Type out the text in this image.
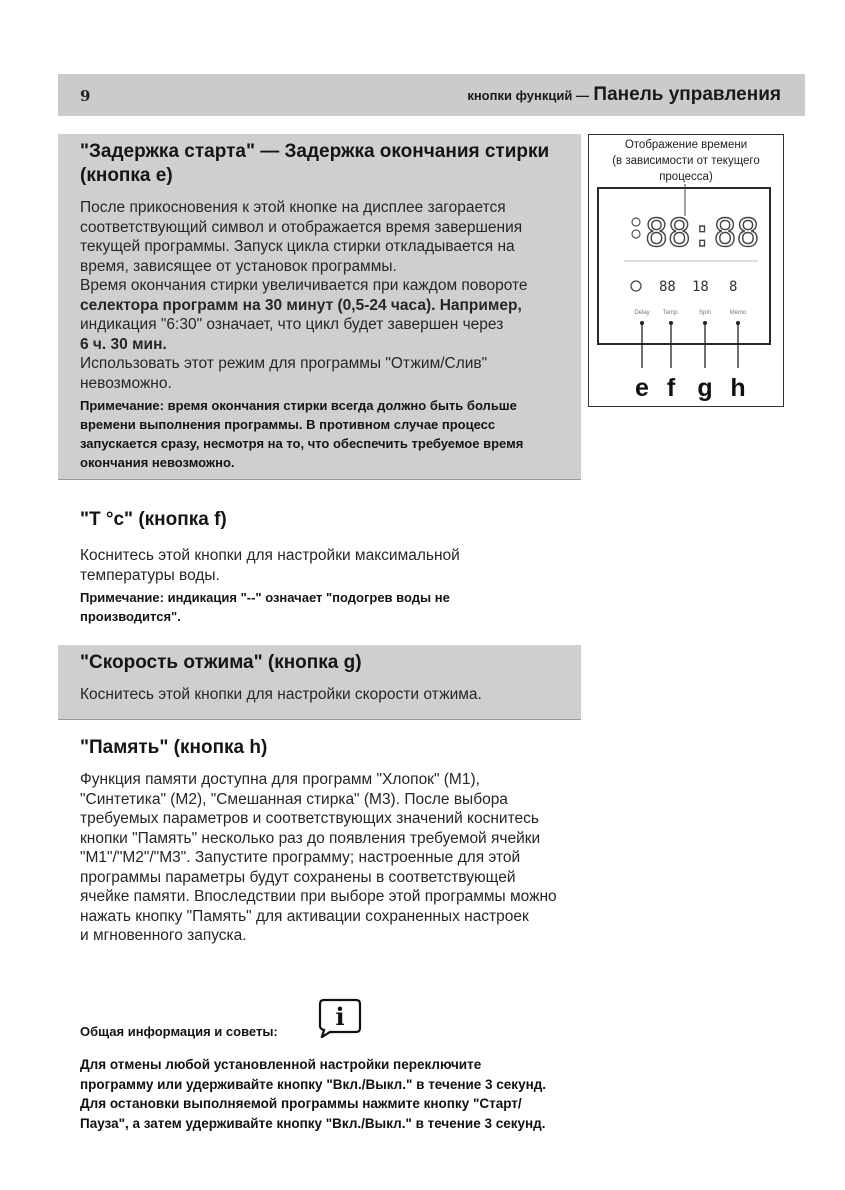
9	кнопки функций — Панель управления
"Задержка старта" — Задержка окончания стирки (кнопка e)
После прикосновения к этой кнопке на дисплее загорается
соответствующий символ и отображается время завершения
текущей программы. Запуск цикла стирки откладывается на
время, зависящее от установок программы.
Время окончания стирки увеличивается при каждом повороте
селектора программ на 30 минут (0,5-24 часа). Например,
индикация "6:30" означает, что цикл будет завершен через
6 ч. 30 мин.
Использовать этот режим для программы "Отжим/Слив"
невозможно.
Примечание: время окончания стирки всегда должно быть больше
времени выполнения программы. В противном случае процесс
запускается сразу, несмотря на то, что обеспечить требуемое время
окончания невозможно.
Отображение времени
(в зависимости от текущего
процесса)
88:88
88 18 8
Delay Temp.	Spin	Memo
e f g h
"T °c" (кнопка f)
Коснитесь этой кнопки для настройки максимальной
температуры воды.
Примечание: индикация "--" означает "подогрев воды не
производится".
"Скорость отжима" (кнопка g)
Коснитесь этой кнопки для настройки скорости отжима.
"Память" (кнопка h)
Функция памяти доступна для программ "Хлопок" (M1),
"Синтетика" (M2), "Смешанная стирка" (M3). После выбора
требуемых параметров и соответствующих значений коснитесь
кнопки "Память" несколько раз до появления требуемой ячейки
"M1"/"M2"/"M3". Запустите программу; настроенные для этой
программы параметры будут сохранены в соответствующей
ячейке памяти. Впоследствии при выборе этой программы можно
нажать кнопку "Память" для активации сохраненных настроек
и мгновенного запуска.
Общая информация и советы:
i
Для отмены любой установленной настройки переключите
программу или удерживайте кнопку "Вкл./Выкл." в течение 3 секунд.
Для остановки выполняемой программы нажмите кнопку "Старт/
Пауза", а затем удерживайте кнопку "Вкл./Выкл." в течение 3 секунд.
